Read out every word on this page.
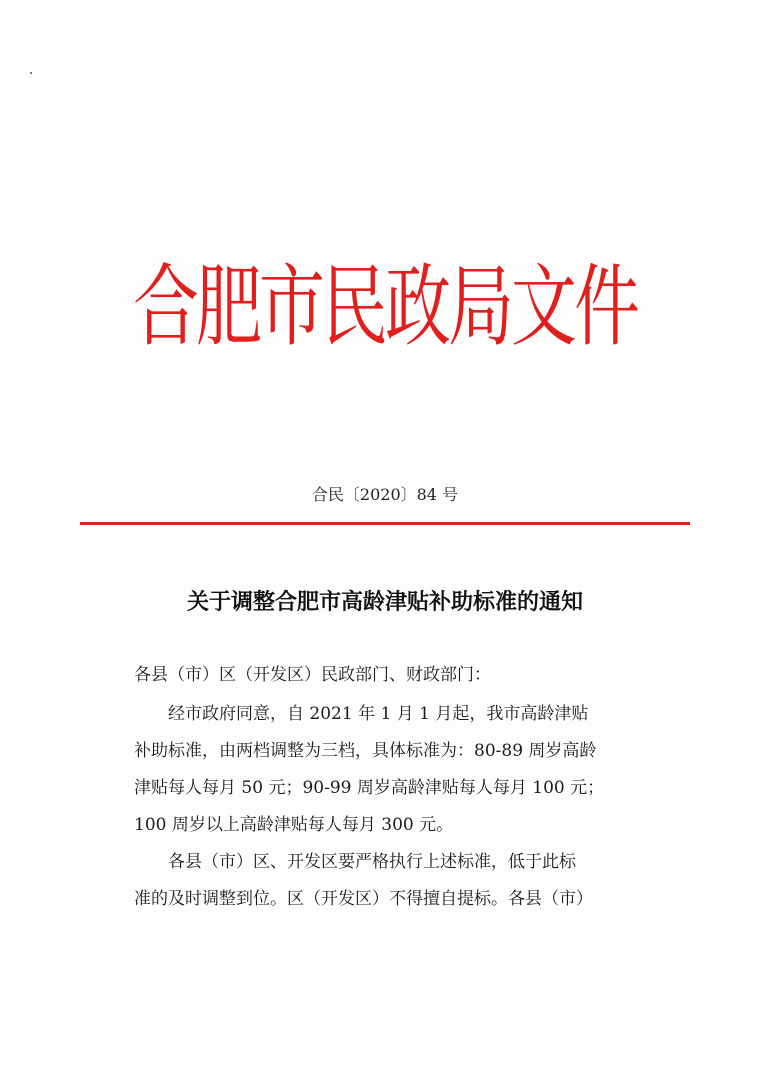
合肥市民政局文件
合民〔2020〕84 号
关于调整合肥市高龄津贴补助标准的通知
各县（市）区（开发区）民政部门、财政部门：
经市政府同意，自 2021 年 1 月 1 月起，我市高龄津贴
补助标准，由两档调整为三档，具体标准为：80-89 周岁高龄
津贴每人每月 50 元；90-99 周岁高龄津贴每人每月 100 元；
100 周岁以上高龄津贴每人每月 300 元。
各县（市）区、开发区要严格执行上述标准，低于此标
准的及时调整到位。区（开发区）不得擅自提标。各县（市）
